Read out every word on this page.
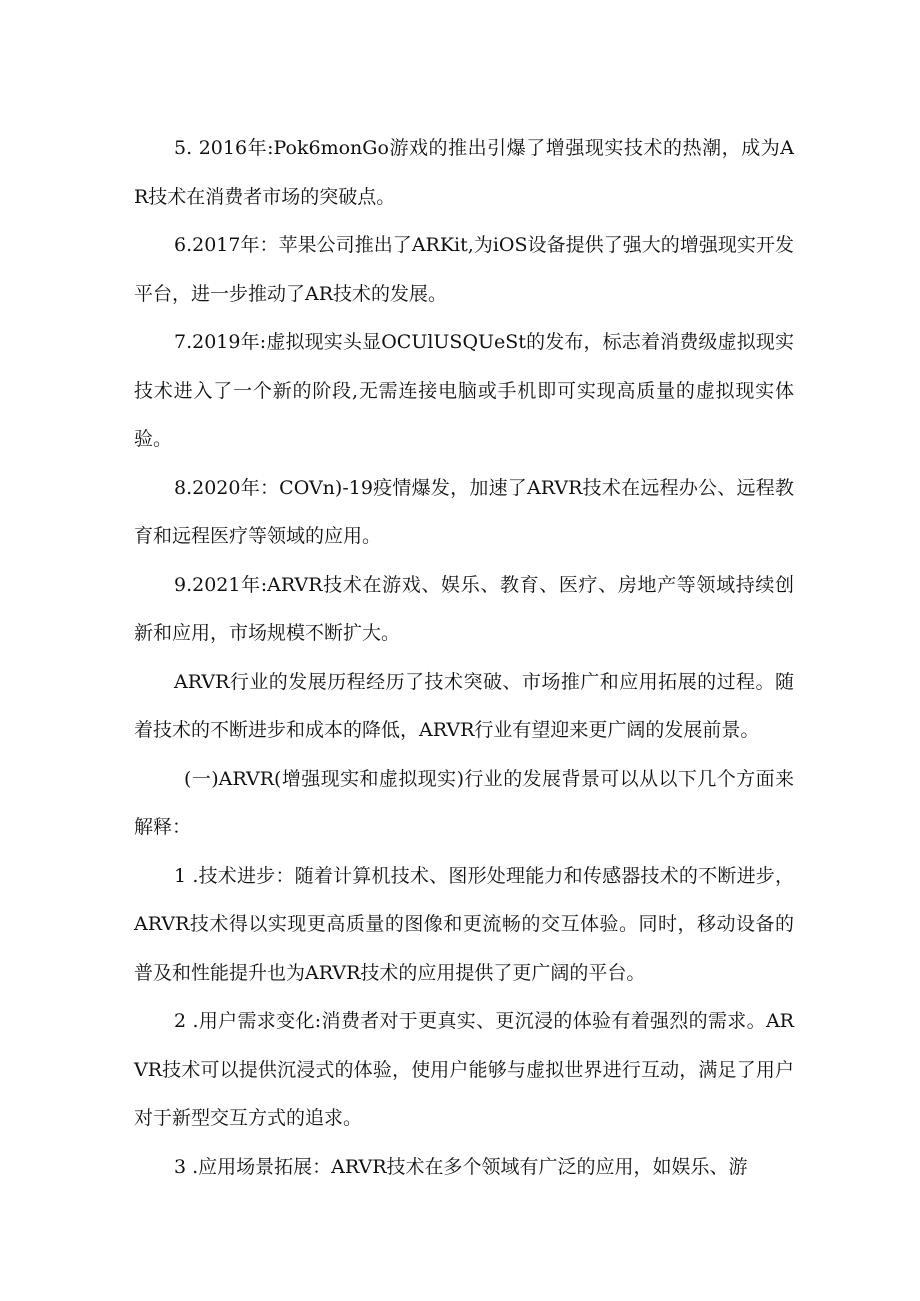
5. 2016年:Pok6monGo游戏的推出引爆了增强现实技术的热潮，成为AR技术在消费者市场的突破点。

6.2017年：苹果公司推出了ARKit,为iOS设备提供了强大的增强现实开发平台，进一步推动了AR技术的发展。

7.2019年:虚拟现实头显OCUlUSQUeSt的发布，标志着消费级虚拟现实技术进入了一个新的阶段,无需连接电脑或手机即可实现高质量的虚拟现实体验。

8.2020年：COVn)-19疫情爆发，加速了ARVR技术在远程办公、远程教育和远程医疗等领域的应用。

9.2021年:ARVR技术在游戏、娱乐、教育、医疗、房地产等领域持续创新和应用，市场规模不断扩大。

ARVR行业的发展历程经历了技术突破、市场推广和应用拓展的过程。随着技术的不断进步和成本的降低，ARVR行业有望迎来更广阔的发展前景。

(一)ARVR(增强现实和虚拟现实)行业的发展背景可以从以下几个方面来解释：

1 .技术进步：随着计算机技术、图形处理能力和传感器技术的不断进步，ARVR技术得以实现更高质量的图像和更流畅的交互体验。同时，移动设备的普及和性能提升也为ARVR技术的应用提供了更广阔的平台。

2 .用户需求变化:消费者对于更真实、更沉浸的体验有着强烈的需求。ARVR技术可以提供沉浸式的体验，使用户能够与虚拟世界进行互动，满足了用户对于新型交互方式的追求。

3 .应用场景拓展：ARVR技术在多个领域有广泛的应用，如娱乐、游
